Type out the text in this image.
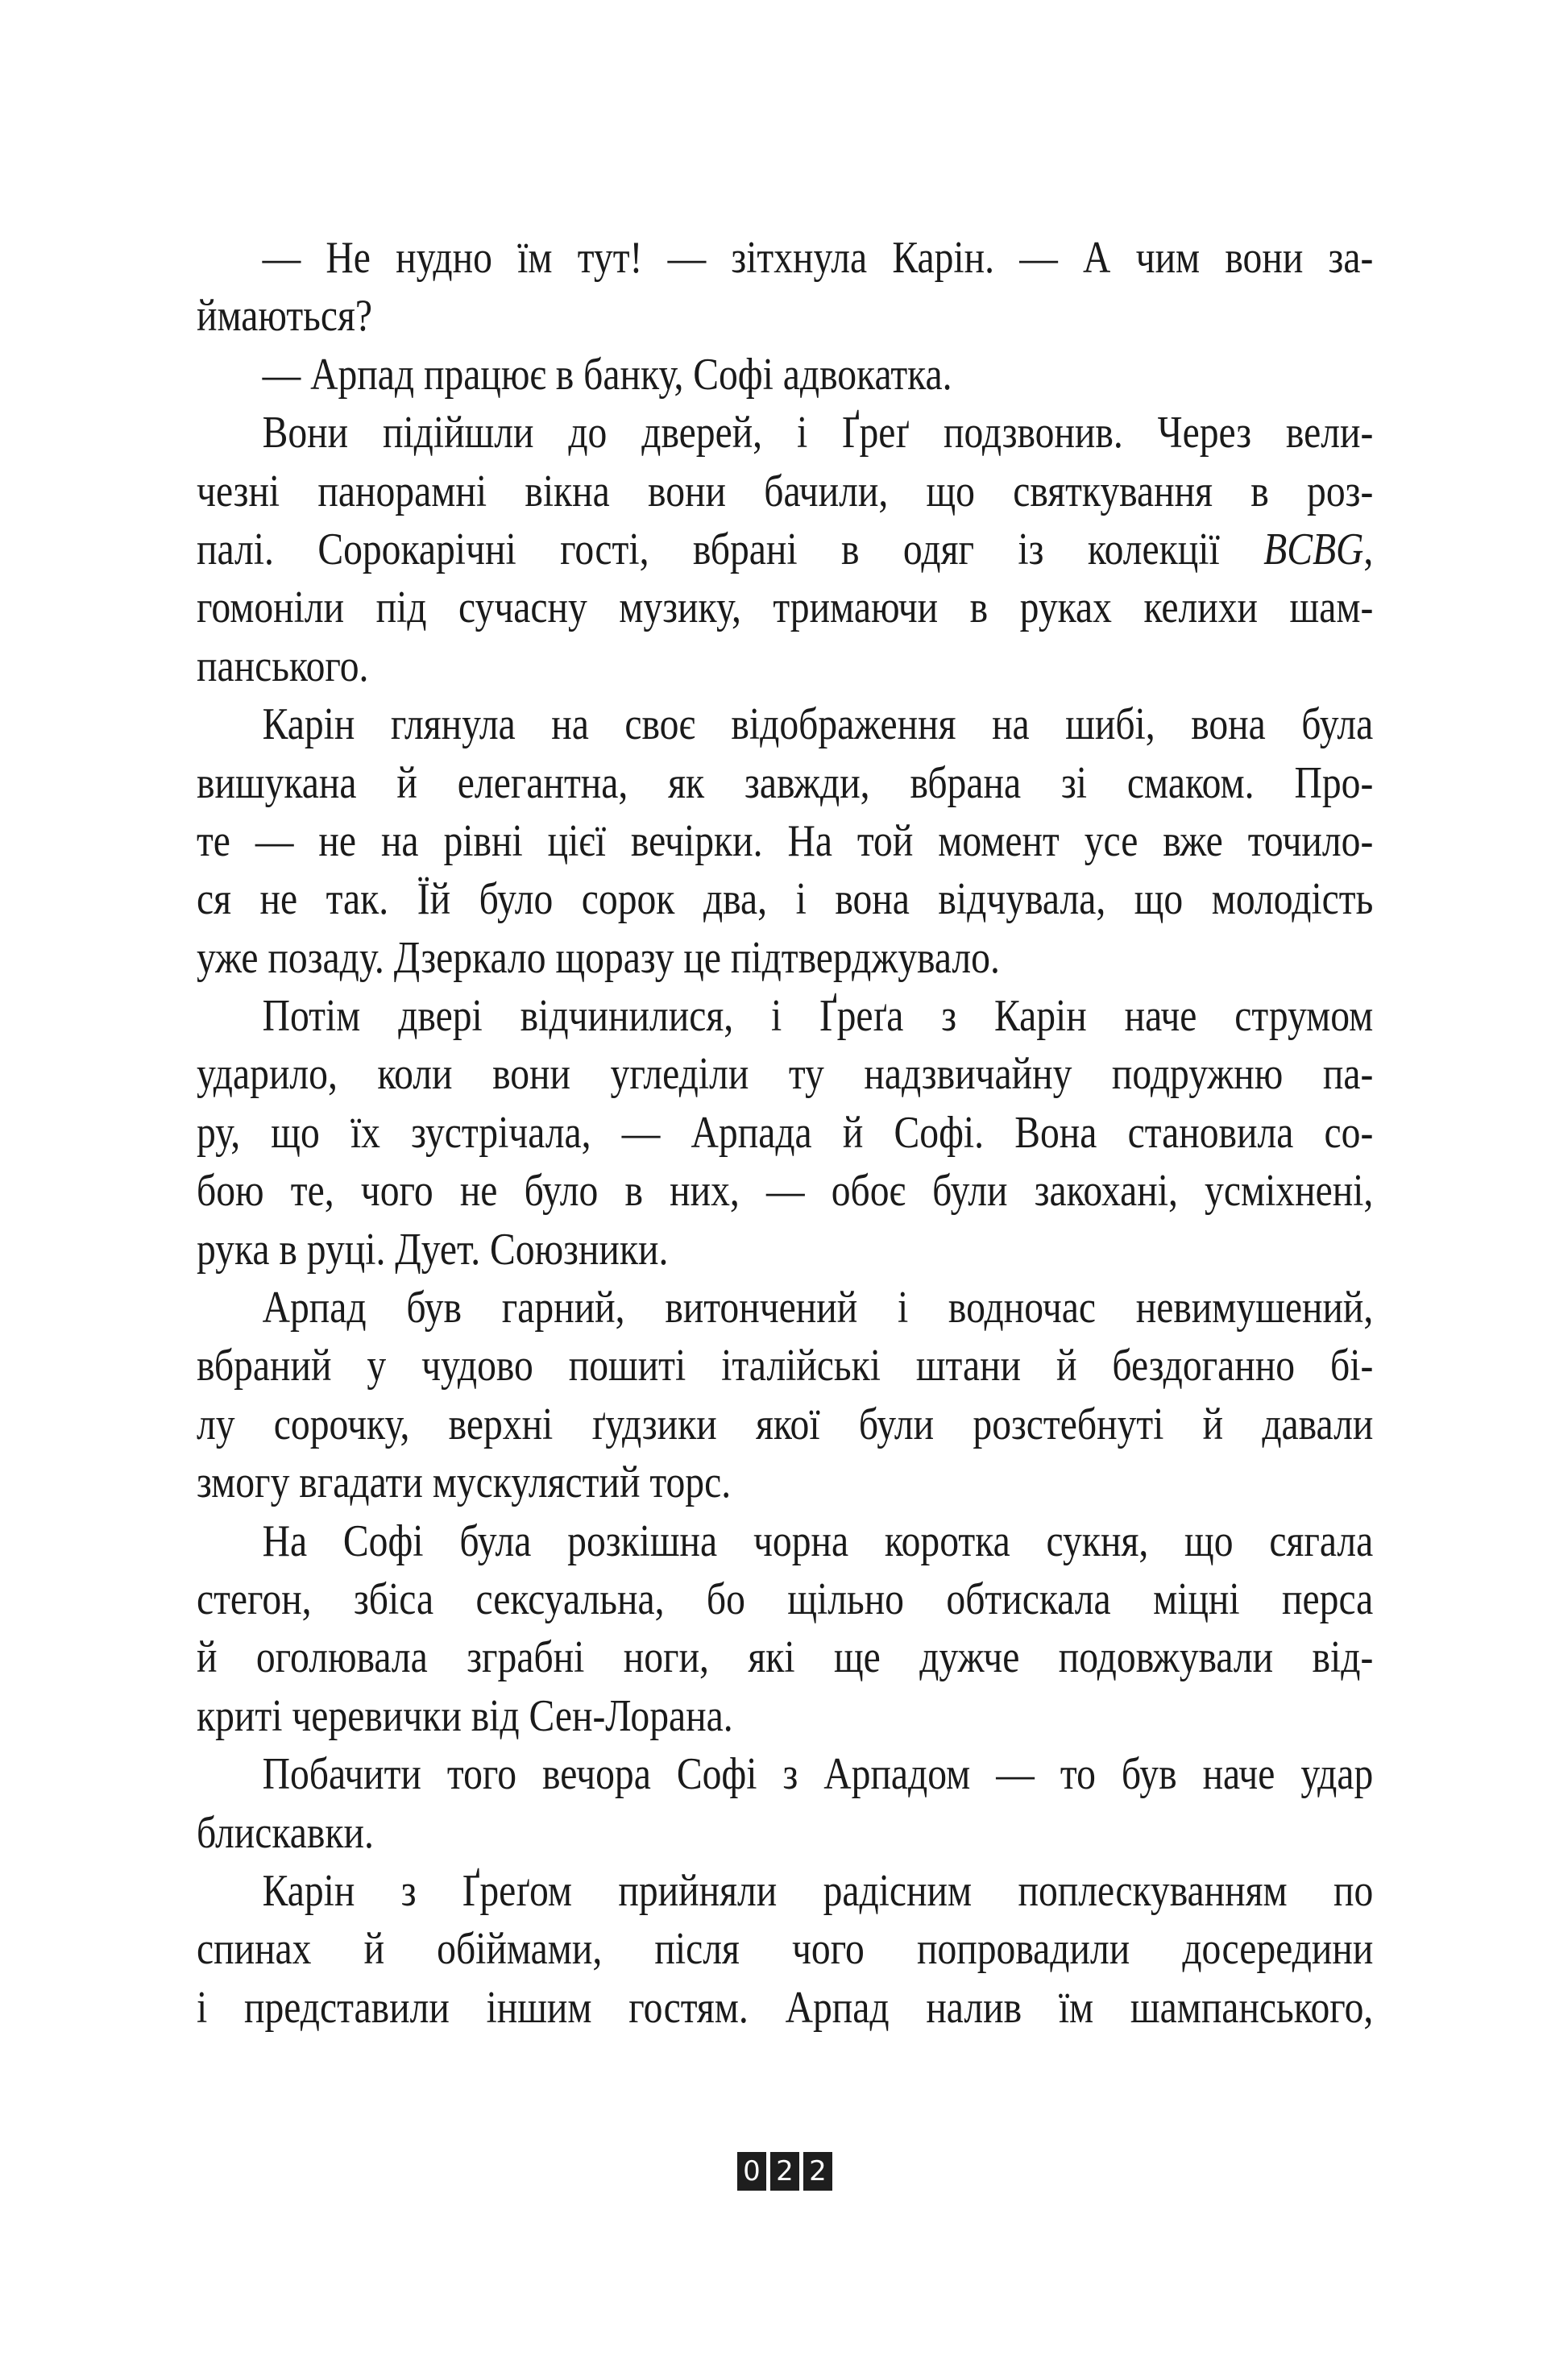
— Не нудно їм тут! — зітхнула Карін. — А чим вони за-
ймаються?
— Арпад працює в банку, Софі адвокатка.
Вони підійшли до дверей, і Ґреґ подзвонив. Через вели-
чезні панорамні вікна вони бачили, що святкування в роз-
палі. Сорокарічні гості, вбрані в одяг із колекції BCBG,
гомоніли під сучасну музику, тримаючи в руках келихи шам-
панського.
Карін глянула на своє відображення на шибі, вона була
вишукана й елегантна, як завжди, вбрана зі смаком. Про-
те — не на рівні цієї вечірки. На той момент усе вже точило-
ся не так. Їй було сорок два, і вона відчувала, що молодість
уже позаду. Дзеркало щоразу це підтверджувало.
Потім двері відчинилися, і Ґреґа з Карін наче струмом
ударило, коли вони угледіли ту надзвичайну подружню па-
ру, що їх зустрічала, — Арпада й Софі. Вона становила со-
бою те, чого не було в них, — обоє були закохані, усміхнені,
рука в руці. Дует. Союзники.
Арпад був гарний, витончений і водночас невимушений,
вбраний у чудово пошиті італійські штани й бездоганно бі-
лу сорочку, верхні ґудзики якої були розстебнуті й давали
змогу вгадати мускулястий торс.
На Софі була розкішна чорна коротка сукня, що сягала
стегон, збіса сексуальна, бо щільно обтискала міцні перса
й оголювала зграбні ноги, які ще дужче подовжували від-
криті черевички від Сен-Лорана.
Побачити того вечора Софі з Арпадом — то був наче удар
блискавки.
Карін з Ґреґом прийняли радісним поплескуванням по
спинах й обіймами, після чого попровадили досередини
і представили іншим гостям. Арпад налив їм шампанського,
0 2 2
